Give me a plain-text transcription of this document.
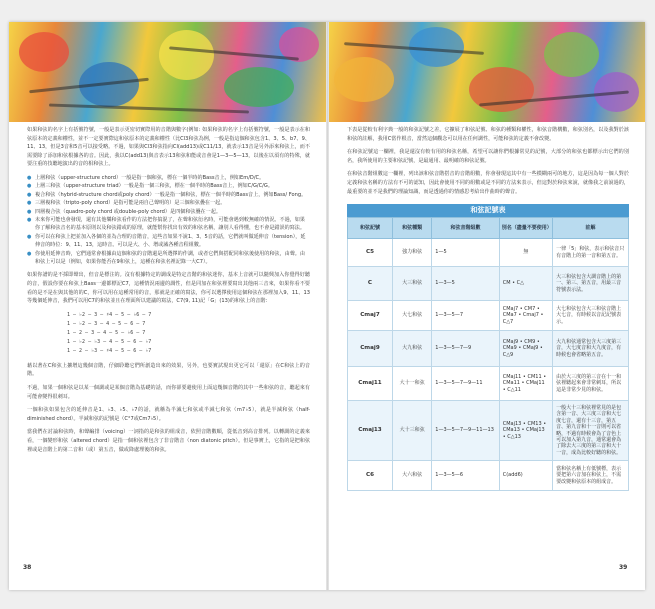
如果和弦的名字上有括號符號，一般是表示更密切實際用的音階與數字(例如: 如果和弦的名字上有括號符號，一般是表示在和弦原本的定義和權性，並不一定要實際這和弦原本的定義和權性（比Cl3和弦為例，一般是指這個和弦包含1、3、5、b7、9、11、13，但是3音和5音可以接受略。不過，如果與Cl3和弦指向Cl(add13)或C11/13，就表示13音是另外添來和弦上，而不需要除了添加和弦根據各的音。因此，我以C(add13)與音表示13和弦和能或音會是1—3—5—13，以後在以須有的特殊，就要注重的技聽地演出的音的相和弦上。

● 上層和弦（upper-structure chord）一般是指一個和弦，標在一個半時的Bass音上，例如Em/D/C。
● 上層三和弦（upper-structure triad）一般是指一個三和弦，標在一個半時的Bass音上，例如C/G/C/G。
● 複合和弦（hybrid-structure chord或poly chord）一般是指一個和弦，標在一個半時的Bass音上，例如Bass/ Fong。
● 三層複和弦（tripto-poly chord）是指可能是兩自己聲明的）是三個和弦疊在一起。
● 四層複合弦（quadro-poly chord 或double-poly chord）是四個和弦疊在一起。
● 未來你可能也會發現，還有其他樂和弦看作的方法把你搞混了，在聲和弦衍名時，可能會遇到較無確的情況。不過，如果你了解和弦音名的基本原則以及和弦錯或的原理，就能幫你找出有效的和弦名稱，讓別人看得懂，也不會是錯誤的寫法。
● 你可以在和弦上把並加入各個的並為合理的音階音，這些音如果不說1、3、5音的話，它們就叫做延伸音（tension），延伸音的時位：9、11、13，這時音。可以是大、小、增或滅各種音程組數。
● 你使用延伸音時，它們通常會根據由這個和弦的音階還是所選擇的作調，或者它們與搭配同和弦後使用的和弦，由聲。由和弦上可以是（例如，如果你能否在9和弦上，這種在和弦名裡記錄一大C7）。

如果你譜的是不採即聲出，但音是標注的。沒有根據特定的調成是特定音階的和弦迷你，基本上音就可以隨興加入你覺得好聽的音，假設你要在和弦上Bass一邊都標記C7，這種情況兩邊的調性，但是同加在和弦裡要寫出其他兩三音來，如果你看不要看的是不是在與其他的的C，你可以用在這種常用的音，那就是正確的寫法，你可以選擇使用這個和弦在那裡加入9、11、13等幾個延伸音，我們可以用C7的和弦並且在理面所以建議的寫法，C7(9, 11)記「G」(13)的和弦上的音階：

1 — ♭2 — 3 — ♯4 — 5 — ♭6 — 7
1 — ♭2 — 3 — 4 — 5 — 6 — 7
1 — 2 — 3 — 4 — 5 — ♭6 — 7
1 — ♭2 — ♭3 — 4 — 5 — 6 — ♭7
1 — 2 — ♭3 — ♯4 — 5 — 6 — ♭7

藉以著在C和弦上擴增這幾個音階，仔細聆聽它們所創造出來的效果，另外，也要實試現出更它可以「還原」在C和弦上的音階。

不過，如果一個和弦是以某一個調或是某個音階為基礎的話，而你卻要避使用上面這幾個音階的其中一些和弦的音，聽起來有可能會變得很刺耳。

一個和弦如果包含的延伸音是1、♭3、♭5、♭7的話，就稱為半滅七和弦或半減七和弦（m7♭5），就是半減和弦（half-diminished chord）。半減和弦的記號是（C°7或Cm7♭5）。

當我們在討論和弦時，和聲編排（voicing）一詞指的是和弦的組成音，依照音階數順，從低音到高音排列。以轉調的定義來看，一個變形和弦（altered chord）是指一個和弦裡包含了非音階音（non diatonic pitch）。但是事實上，它指的是把和弦裡或是音階上的第二音和（或）第五音，做或降處理後的和弦。

下表是從較有利字典一般的和弦記號之差，它擴展了和弦記號、和弦的種類和權性，和弦音階構數，和弦別名，以及我對於該和弦的註解，我用C當作根音，當然這個觀念可以用在任何調性，可能和弦的定義不會改變。

在和弦記號這一欄裡，我是還沒有較有用的和弦名稱，希望可以讓你們根據常見的記號，大部分的和弦也都標示出它們的別名，我所使用的主要和弦記號，是最通用、最明確的和弦記號。

在和弦音階組數這一欄裡，列出該和弦音階搭音的音階組數，你會發現這其中有一些模糊兩可的地方，這是因為每一個人對於定義和弦名稱的方法有不可的認知，因此會使用不同的組數或是不同的方法來表示，但這對於和弦來說，就像我之前說過的，最重要的並不是我們的理論知識，而是透過你的情感思考給出作曲時的聲音。

和弦記號表
和弦記號	和弦種類	和弦音階組數	別名（盡量不要使用）	註解
C5	強力和弦	1—5	無	一律「5」和弦，表示和弦音只有音階上的第一音和第五音。
C	大三和弦	1—3—5	CM • C△	大三和弦包含大調音階上的第一、第三、第五音，用最三音符號表示法。
Cmaj7	大七和弦	1—3—5—7	CMaj7 • CM7 • CMa7 • Cmaj7 • C△7	大七和弦包含大三和弦音階上大七音，有時候以音記記號表示。
Cmaj9	大九和弦	1—3—5—7—9	CMaj9 • CM9 • CMa9 • CMaj9 • C△9	大九和弦通常包含大三度第三音，大七度音和大九度音，有時候也會省略第五音。
Cmaj11	大十一和弦	1—3—5—7—9—11	CMaj11 • CM11 • CMa11 • CMaj11 • C△11	由於大三度的第三音在十一和弦裡聽起來會非常刺耳，所以這是非常少見的和弦。
Cmaj13	大十三和弦	1—3—5—7—9—11—13	CMaj13 • CM13 • CMa13 • CMaj13 • C△13	一般大十三和弦裡常見的是包含第一音、大三度三音和大七度七音，還有十三音，第五音、第九音和十一音則可以省略，不過有時候會為了音色上可以加入第九音，通常還會為了除去大三度的第三音和大十一音，成為比較好聽的和弦。
C6	大六和弦	1—3—5—6	C(add6)	當和弦名稱上有低號標，表示要把第六音加在和弦上，不需要改變和弦原本的組成音。
38	39
